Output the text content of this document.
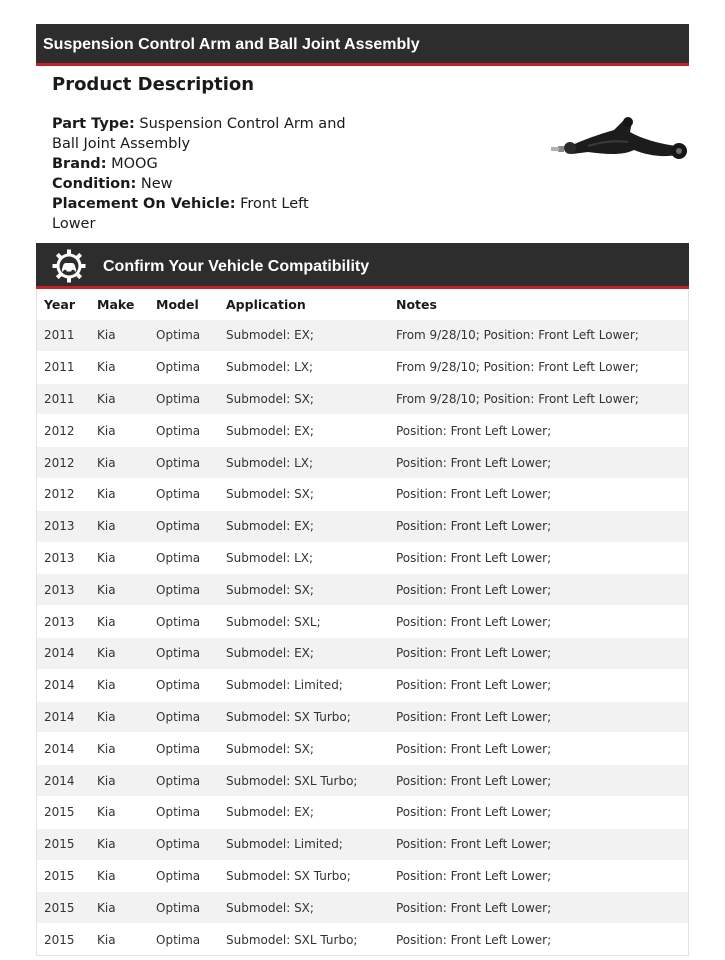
Suspension Control Arm and Ball Joint Assembly
Product Description
Part Type: Suspension Control Arm and Ball Joint Assembly
Brand: MOOG
Condition: New
Placement On Vehicle: Front Left Lower
Confirm Your Vehicle Compatibility
Year	Make	Model	Application	Notes
2011	Kia	Optima	Submodel: EX;	From 9/28/10; Position: Front Left Lower;
2011	Kia	Optima	Submodel: LX;	From 9/28/10; Position: Front Left Lower;
2011	Kia	Optima	Submodel: SX;	From 9/28/10; Position: Front Left Lower;
2012	Kia	Optima	Submodel: EX;	Position: Front Left Lower;
2012	Kia	Optima	Submodel: LX;	Position: Front Left Lower;
2012	Kia	Optima	Submodel: SX;	Position: Front Left Lower;
2013	Kia	Optima	Submodel: EX;	Position: Front Left Lower;
2013	Kia	Optima	Submodel: LX;	Position: Front Left Lower;
2013	Kia	Optima	Submodel: SX;	Position: Front Left Lower;
2013	Kia	Optima	Submodel: SXL;	Position: Front Left Lower;
2014	Kia	Optima	Submodel: EX;	Position: Front Left Lower;
2014	Kia	Optima	Submodel: Limited;	Position: Front Left Lower;
2014	Kia	Optima	Submodel: SX Turbo;	Position: Front Left Lower;
2014	Kia	Optima	Submodel: SX;	Position: Front Left Lower;
2014	Kia	Optima	Submodel: SXL Turbo;	Position: Front Left Lower;
2015	Kia	Optima	Submodel: EX;	Position: Front Left Lower;
2015	Kia	Optima	Submodel: Limited;	Position: Front Left Lower;
2015	Kia	Optima	Submodel: SX Turbo;	Position: Front Left Lower;
2015	Kia	Optima	Submodel: SX;	Position: Front Left Lower;
2015	Kia	Optima	Submodel: SXL Turbo;	Position: Front Left Lower;
